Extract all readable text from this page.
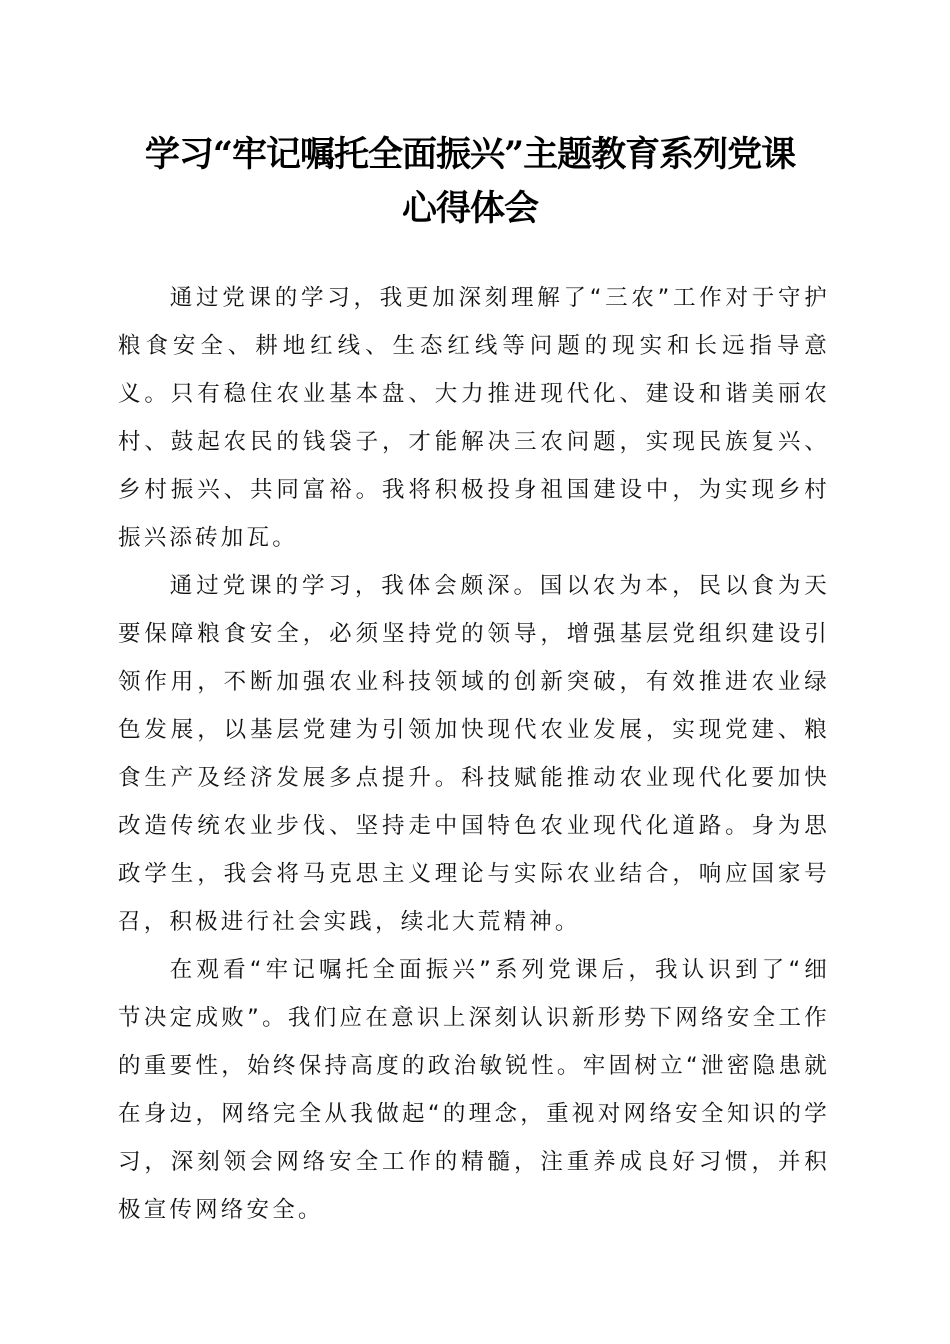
学习“牢记嘱托全面振兴”主题教育系列党课
心得体会

通过党课的学习，我更加深刻理解了“三农”工作对于守护粮食安全、耕地红线、生态红线等问题的现实和长远指导意义。只有稳住农业基本盘、大力推进现代化、建设和谐美丽农村、鼓起农民的钱袋子，才能解决三农问题，实现民族复兴、乡村振兴、共同富裕。我将积极投身祖国建设中，为实现乡村振兴添砖加瓦。

通过党课的学习，我体会颇深。国以农为本，民以食为天要保障粮食安全，必须坚持党的领导，增强基层党组织建设引领作用，不断加强农业科技领域的创新突破，有效推进农业绿色发展，以基层党建为引领加快现代农业发展，实现党建、粮食生产及经济发展多点提升。科技赋能推动农业现代化要加快改造传统农业步伐、坚持走中国特色农业现代化道路。身为思政学生，我会将马克思主义理论与实际农业结合，响应国家号召，积极进行社会实践，续北大荒精神。

在观看“牢记嘱托全面振兴”系列党课后，我认识到了“细节决定成败”。我们应在意识上深刻认识新形势下网络安全工作的重要性，始终保持高度的政治敏锐性。牢固树立“泄密隐患就在身边，网络完全从我做起“的理念，重视对网络安全知识的学习，深刻领会网络安全工作的精髓，注重养成良好习惯，并积极宣传网络安全。
